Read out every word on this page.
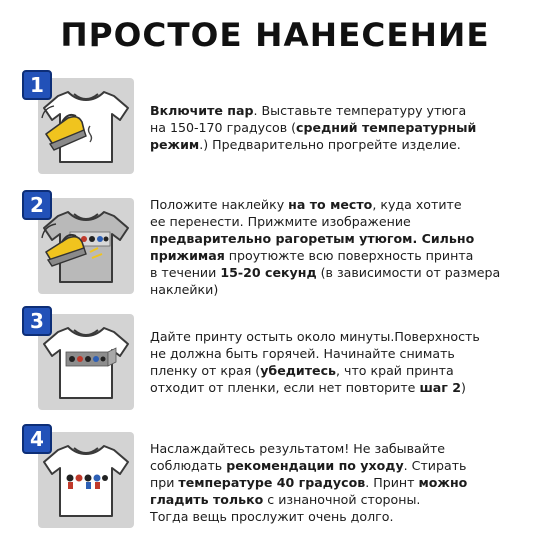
ПРОСТОЕ НАНЕСЕНИЕ
1
Включите пар. Выставьте температуру утюга
на 150-170 градусов (средний температурный
режим.) Предварительно прогрейте изделие.
2	Положите наклейку на то место, куда хотите
ее перенести. Прижмите изображение
предварительно рагоретым утюгом. Сильно
прижимая проутюжте всю поверхность принта
в течении 15-20 секунд (в зависимости от размера
наклейки)
3
Дайте принту остыть около минуты.Поверхность
не должна быть горячей. Начинайте снимать
пленку от края (убедитесь, что край принта
отходит от пленки, если нет повторите шаг 2)
4	Наслаждайтесь результатом! Не забывайте
соблюдать рекомендации по уходу. Стирать
при температуре 40 градусов. Принт можно
гладить только с изнаночной стороны.
Тогда вещь прослужит очень долго.
